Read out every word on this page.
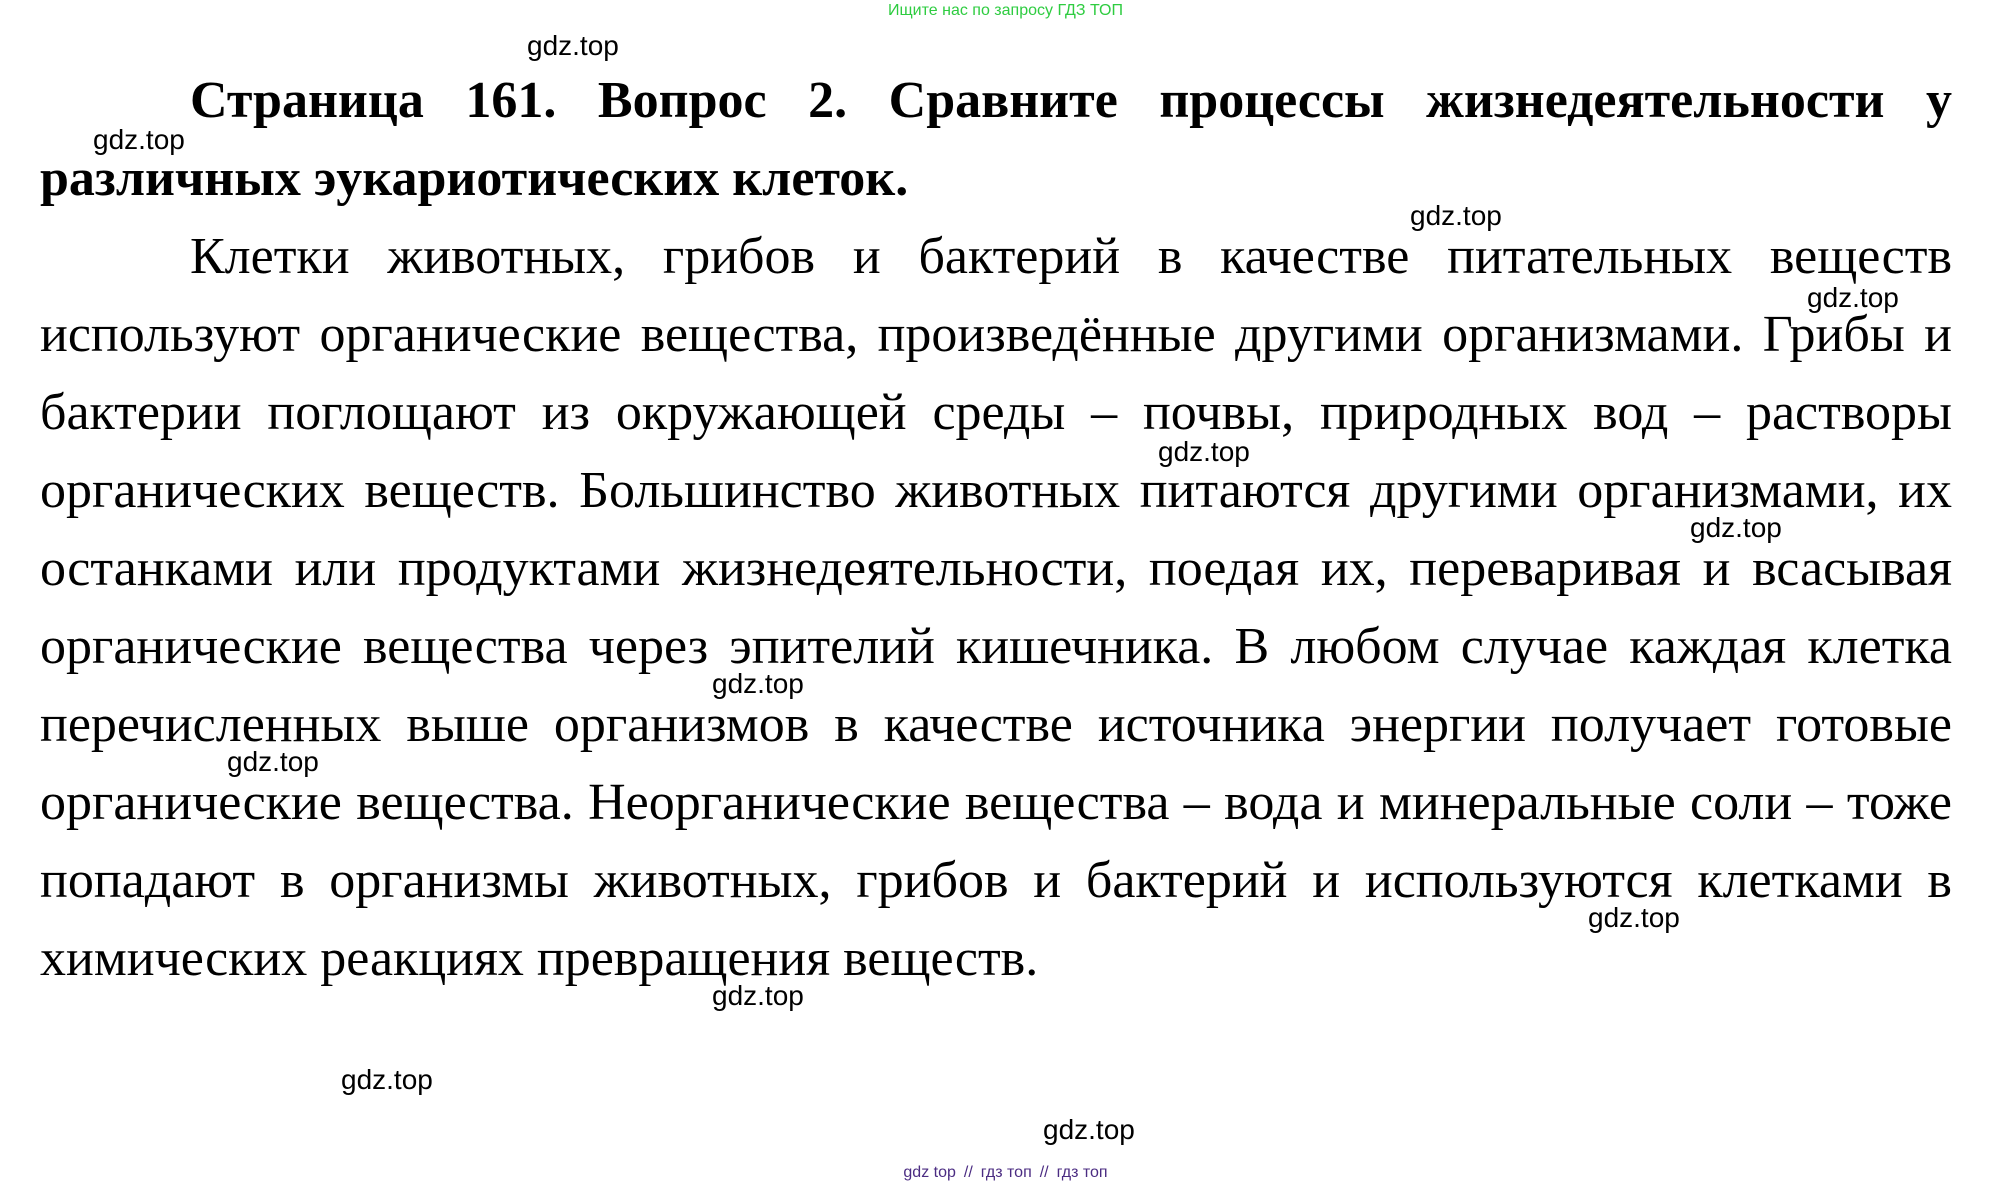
Ищите нас по запросу ГДЗ ТОП

Страница 161. Вопрос 2. Сравните процессы жизнедеятельности у различных эукариотических клеток.

Клетки животных, грибов и бактерий в качестве питательных веществ используют органические вещества, произведённые другими организмами. Грибы и бактерии поглощают из окружающей среды – почвы, природных вод – растворы органических веществ. Большинство животных питаются другими организмами, их останками или продуктами жизнедеятельности, поедая их, переваривая и всасывая органические вещества через эпителий кишечника. В любом случае каждая клетка перечисленных выше организмов в качестве источника энергии получает готовые органические вещества. Неорганические вещества – вода и минеральные соли – тоже попадают в организмы животных, грибов и бактерий и используются клетками в химических реакциях превращения веществ.

gdz.top
gdz.top
gdz.top
gdz.top
gdz.top
gdz.top
gdz.top
gdz.top
gdz.top
gdz.top
gdz.top
gdz.top
gdz top // гдз топ // гдз топ
